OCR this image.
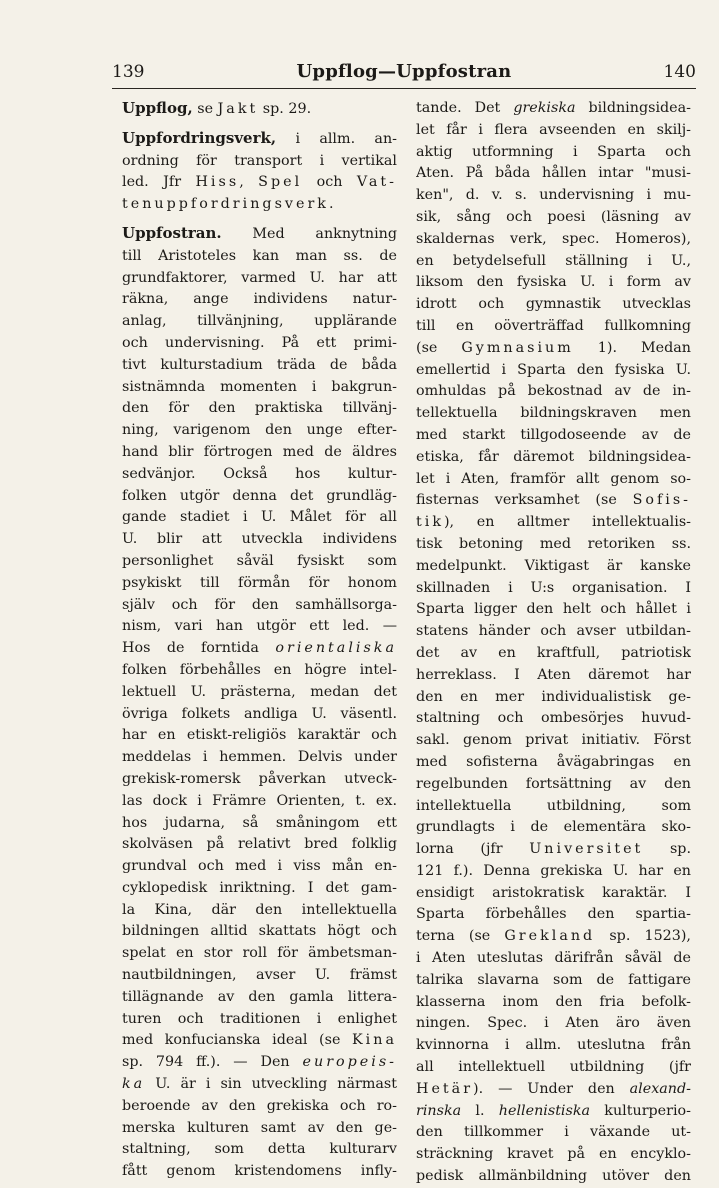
139	Uppflog—Uppfostran	140
Uppflog, se Jakt sp. 29.
Uppfordringsverk, i allm. an-
ordning för transport i vertikal
led. Jfr Hiss, Spel och Vat-
tenuppfordringsverk.
Uppfostran. Med anknytning
till Aristoteles kan man ss. de
grundfaktorer, varmed U. har att
räkna, ange individens natur-
anlag, tillvänjning, upplärande
och undervisning. På ett primi-
tivt kulturstadium träda de båda
sistnämnda momenten i bakgrun-
den för den praktiska tillvänj-
ning, varigenom den unge efter-
hand blir förtrogen med de äldres
sedvänjor. Också hos kultur-
folken utgör denna det grundläg-
gande stadiet i U. Målet för all
U. blir att utveckla individens
personlighet såväl fysiskt som
psykiskt till förmån för honom
själv och för den samhällsorga-
nism, vari han utgör ett led. —
Hos de forntida orientaliska
folken förbehålles en högre intel-
lektuell U. prästerna, medan det
övriga folkets andliga U. väsentl.
har en etiskt-religiös karaktär och
meddelas i hemmen. Delvis under
grekisk-romersk påverkan utveck-
las dock i Främre Orienten, t. ex.
hos judarna, så småningom ett
skolväsen på relativt bred folklig
grundval och med i viss mån en-
cyklopedisk inriktning. I det gam-
la Kina, där den intellektuella
bildningen alltid skattats högt och
spelat en stor roll för ämbetsman-
nautbildningen, avser U. främst
tillägnande av den gamla littera-
turen och traditionen i enlighet
med konfucianska ideal (se Kina
sp. 794 ff.). — Den europeis-
ka U. är i sin utveckling närmast
beroende av den grekiska och ro-
merska kulturen samt av den ge-
staltning, som detta kulturarv
fått genom kristendomens infly-
tande. Det grekiska bildningsidea-
let får i flera avseenden en skilj-
aktig utformning i Sparta och
Aten. På båda hållen intar "musi-
ken", d. v. s. undervisning i mu-
sik, sång och poesi (läsning av
skaldernas verk, spec. Homeros),
en betydelsefull ställning i U.,
liksom den fysiska U. i form av
idrott och gymnastik utvecklas
till en oöverträffad fullkomning
(se Gymnasium 1). Medan
emellertid i Sparta den fysiska U.
omhuldas på bekostnad av de in-
tellektuella bildningskraven men
med starkt tillgodoseende av de
etiska, får däremot bildningsidea-
let i Aten, framför allt genom so-
fisternas verksamhet (se Sofis-
tik), en alltmer intellektualis-
tisk betoning med retoriken ss.
medelpunkt. Viktigast är kanske
skillnaden i U:s organisation. I
Sparta ligger den helt och hållet i
statens händer och avser utbildan-
det av en kraftfull, patriotisk
herreklass. I Aten däremot har
den en mer individualistisk ge-
staltning och ombesörjes huvud-
sakl. genom privat initiativ. Först
med sofisterna åvägabringas en
regelbunden fortsättning av den
intellektuella utbildning, som
grundlagts i de elementära sko-
lorna (jfr Universitet sp.
121 f.). Denna grekiska U. har en
ensidigt aristokratisk karaktär. I
Sparta förbehålles den spartia-
terna (se Grekland sp. 1523),
i Aten uteslutas därifrån såväl de
talrika slavarna som de fattigare
klasserna inom den fria befolk-
ningen. Spec. i Aten äro även
kvinnorna i allm. uteslutna från
all intellektuell utbildning (jfr
Hetär). — Under den alexand-
rinska l. hellenistiska kulturperio-
den tillkommer i växande ut-
sträckning kravet på en encyklo-
pedisk allmänbildning utöver den
